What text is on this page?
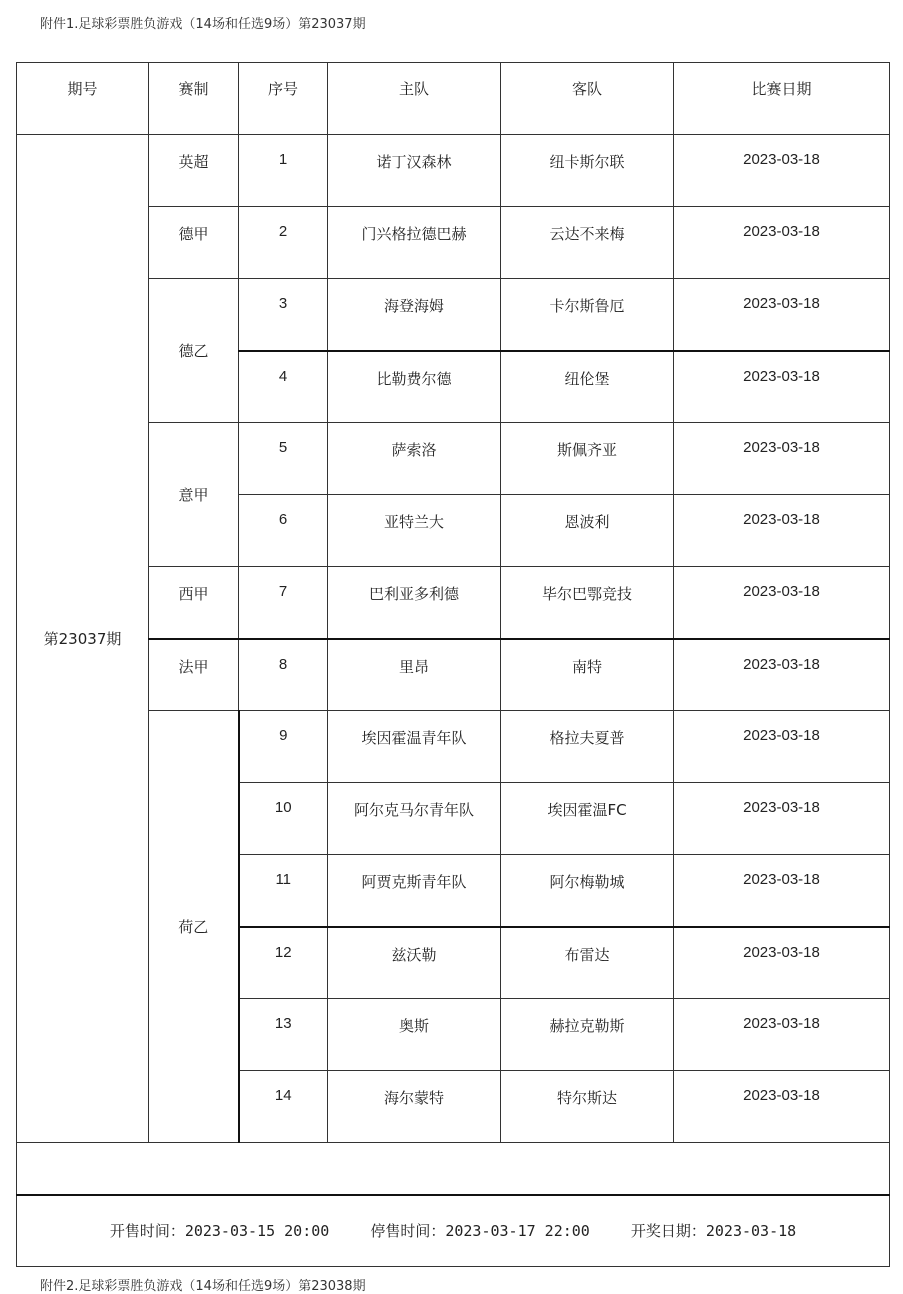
附件1.足球彩票胜负游戏（14场和任选9场）第23037期
期号	赛制	序号	主队	客队	比赛日期
第23037期	英超	1	诺丁汉森林	纽卡斯尔联	2023-03-18
	德甲	2	门兴格拉德巴赫	云达不来梅	2023-03-18
	德乙	3	海登海姆	卡尔斯鲁厄	2023-03-18
		4	比勒费尔德	纽伦堡	2023-03-18
	意甲	5	萨索洛	斯佩齐亚	2023-03-18
		6	亚特兰大	恩波利	2023-03-18
	西甲	7	巴利亚多利德	毕尔巴鄂竞技	2023-03-18
	法甲	8	里昂	南特	2023-03-18
	荷乙	9	埃因霍温青年队	格拉夫夏普	2023-03-18
		10	阿尔克马尔青年队	埃因霍温FC	2023-03-18
		11	阿贾克斯青年队	阿尔梅勒城	2023-03-18
		12	兹沃勒	布雷达	2023-03-18
		13	奥斯	赫拉克勒斯	2023-03-18
		14	海尔蒙特	特尔斯达	2023-03-18

开售时间：2023-03-15 20:00 停售时间：2023-03-17 22:00 开奖日期：2023-03-18					
附件2.足球彩票胜负游戏（14场和任选9场）第23038期
